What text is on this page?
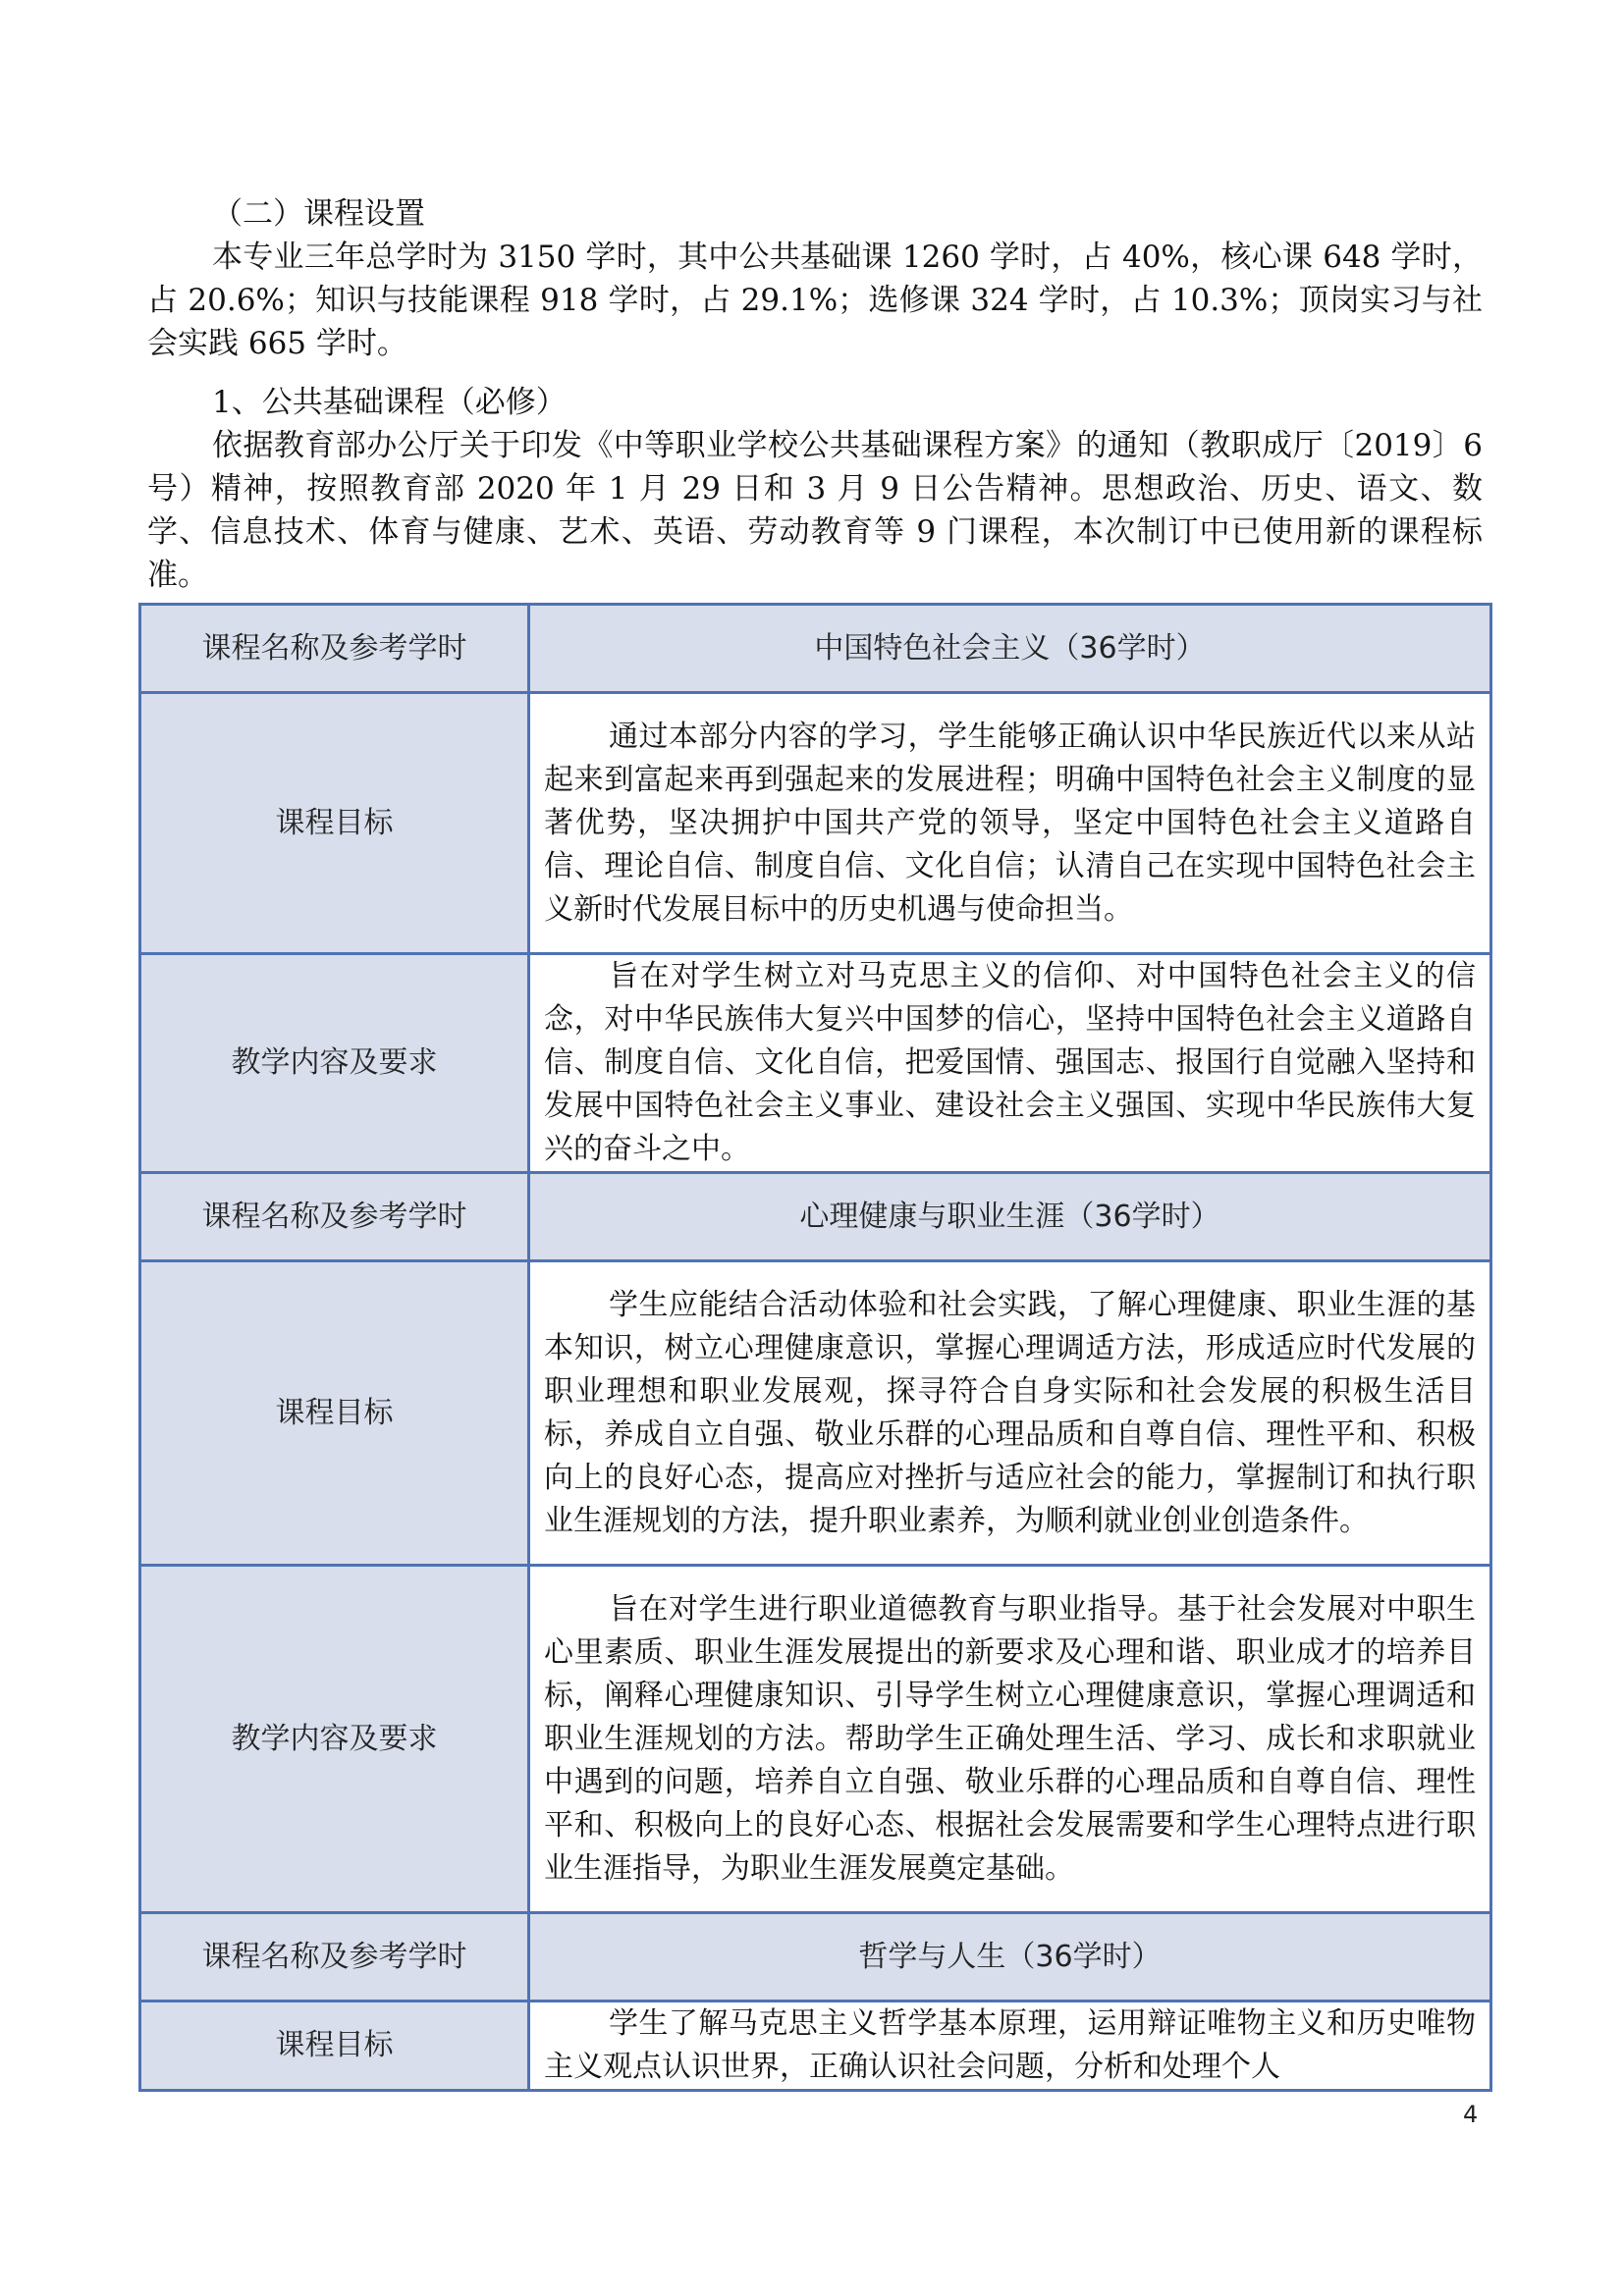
（二）课程设置

本专业三年总学时为 3150 学时，其中公共基础课 1260 学时，占 40%，核心课 648 学时，占 20.6%；知识与技能课程 918 学时，占 29.1%；选修课 324 学时，占 10.3%；顶岗实习与社会实践 665 学时。

1、公共基础课程（必修）

依据教育部办公厅关于印发《中等职业学校公共基础课程方案》的通知（教职成厅〔2019〕6 号）精神，按照教育部 2020 年 1 月 29 日和 3 月 9 日公告精神。思想政治、历史、语文、数学、信息技术、体育与健康、艺术、英语、劳动教育等 9 门课程，本次制订中已使用新的课程标准。

课程名称及参考学时	中国特色社会主义（36学时）
课程目标	通过本部分内容的学习，学生能够正确认识中华民族近代以来从站起来到富起来再到强起来的发展进程；明确中国特色社会主义制度的显著优势，坚决拥护中国共产党的领导，坚定中国特色社会主义道路自信、理论自信、制度自信、文化自信；认清自己在实现中国特色社会主义新时代发展目标中的历史机遇与使命担当。

教学内容及要求	旨在对学生树立对马克思主义的信仰、对中国特色社会主义的信念，对中华民族伟大复兴中国梦的信心，坚持中国特色社会主义道路自信、制度自信、文化自信，把爱国情、强国志、报国行自觉融入坚持和发展中国特色社会主义事业、建设社会主义强国、实现中华民族伟大复兴的奋斗之中。

课程名称及参考学时	心理健康与职业生涯（36学时）
课程目标	学生应能结合活动体验和社会实践，了解心理健康、职业生涯的基本知识，树立心理健康意识，掌握心理调适方法，形成适应时代发展的职业理想和职业发展观，探寻符合自身实际和社会发展的积极生活目标，养成自立自强、敬业乐群的心理品质和自尊自信、理性平和、积极向上的良好心态，提高应对挫折与适应社会的能力，掌握制订和执行职业生涯规划的方法，提升职业素养，为顺利就业创业创造条件。

教学内容及要求	旨在对学生进行职业道德教育与职业指导。基于社会发展对中职生心里素质、职业生涯发展提出的新要求及心理和谐、职业成才的培养目标，阐释心理健康知识、引导学生树立心理健康意识，掌握心理调适和职业生涯规划的方法。帮助学生正确处理生活、学习、成长和求职就业中遇到的问题，培养自立自强、敬业乐群的心理品质和自尊自信、理性平和、积极向上的良好心态、根据社会发展需要和学生心理特点进行职业生涯指导，为职业生涯发展奠定基础。

课程名称及参考学时	哲学与人生（36学时）
课程目标	学生了解马克思主义哲学基本原理，运用辩证唯物主义和历史唯物主义观点认识世界，正确认识社会问题，分析和处理个人
4
